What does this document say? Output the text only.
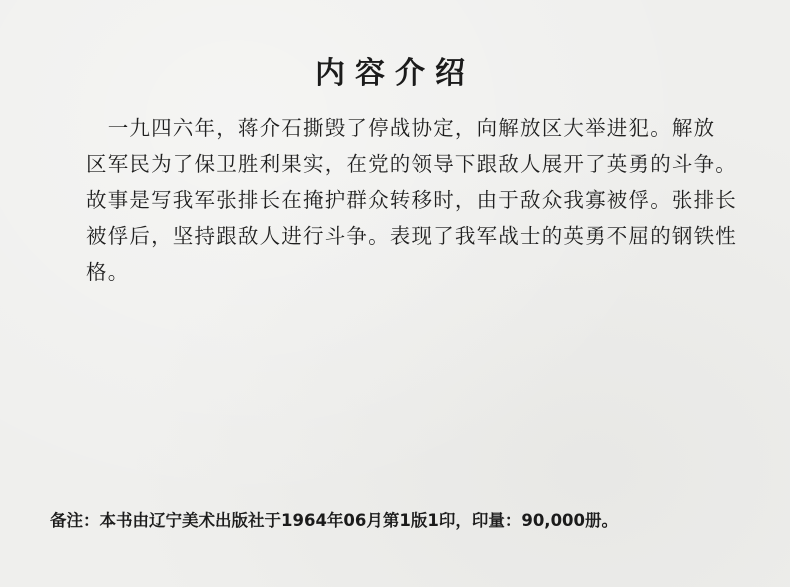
内容介绍

　一九四六年，蒋介石撕毁了停战协定，向解放区大举进犯。解放

区军民为了保卫胜利果实，在党的领导下跟敌人展开了英勇的斗争。

故事是写我军张排长在掩护群众转移时，由于敌众我寡被俘。张排长

被俘后，坚持跟敌人进行斗争。表现了我军战士的英勇不屈的钢铁性

格。

备注：本书由辽宁美术出版社于1964年06月第1版1印，印量：90,000册。
